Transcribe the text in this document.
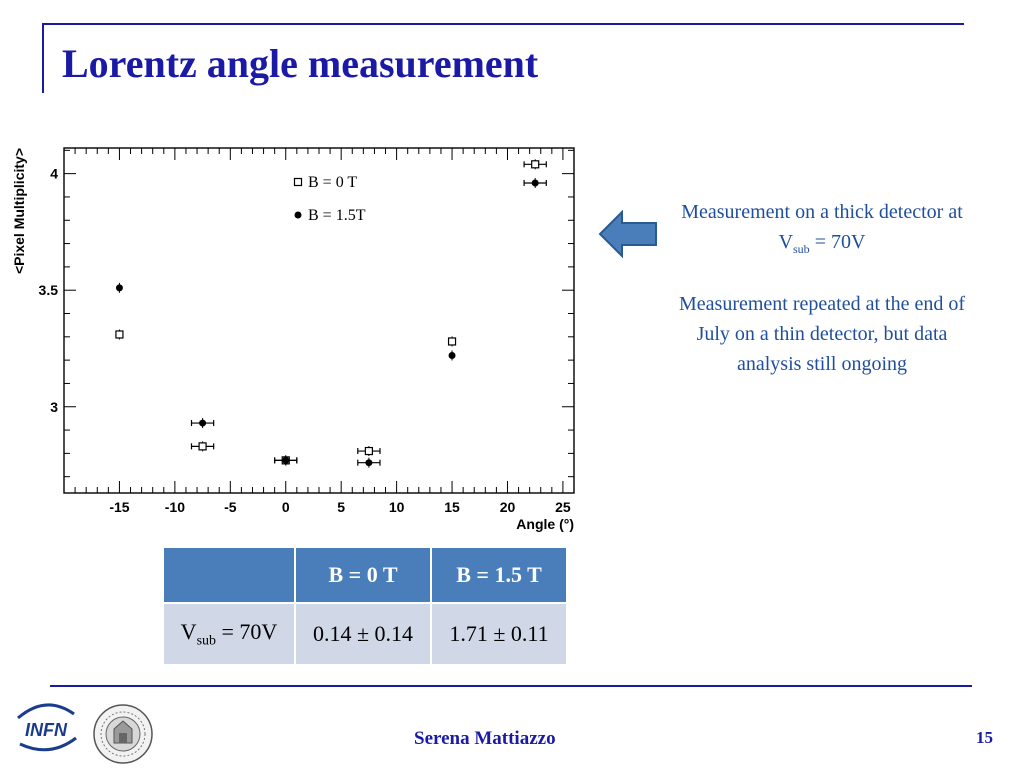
Lorentz angle measurement
-15	-10	-5	0	5	10	15	20	25
3
3.5
4
B = 0 T
B = 1.5T
Angle (°)
<Pixel Multiplicity>	Measurement on a thick detector at $V_{sub} = 70V$
Measurement repeated at the end of July on a thin detector, but data analysis still ongoing
	B = 0 T	B = 1.5 T
$V_{sub} = 70V$	0.14 ± 0.14	1.71 ± 0.11
INFN	Serena Mattiazzo	15
